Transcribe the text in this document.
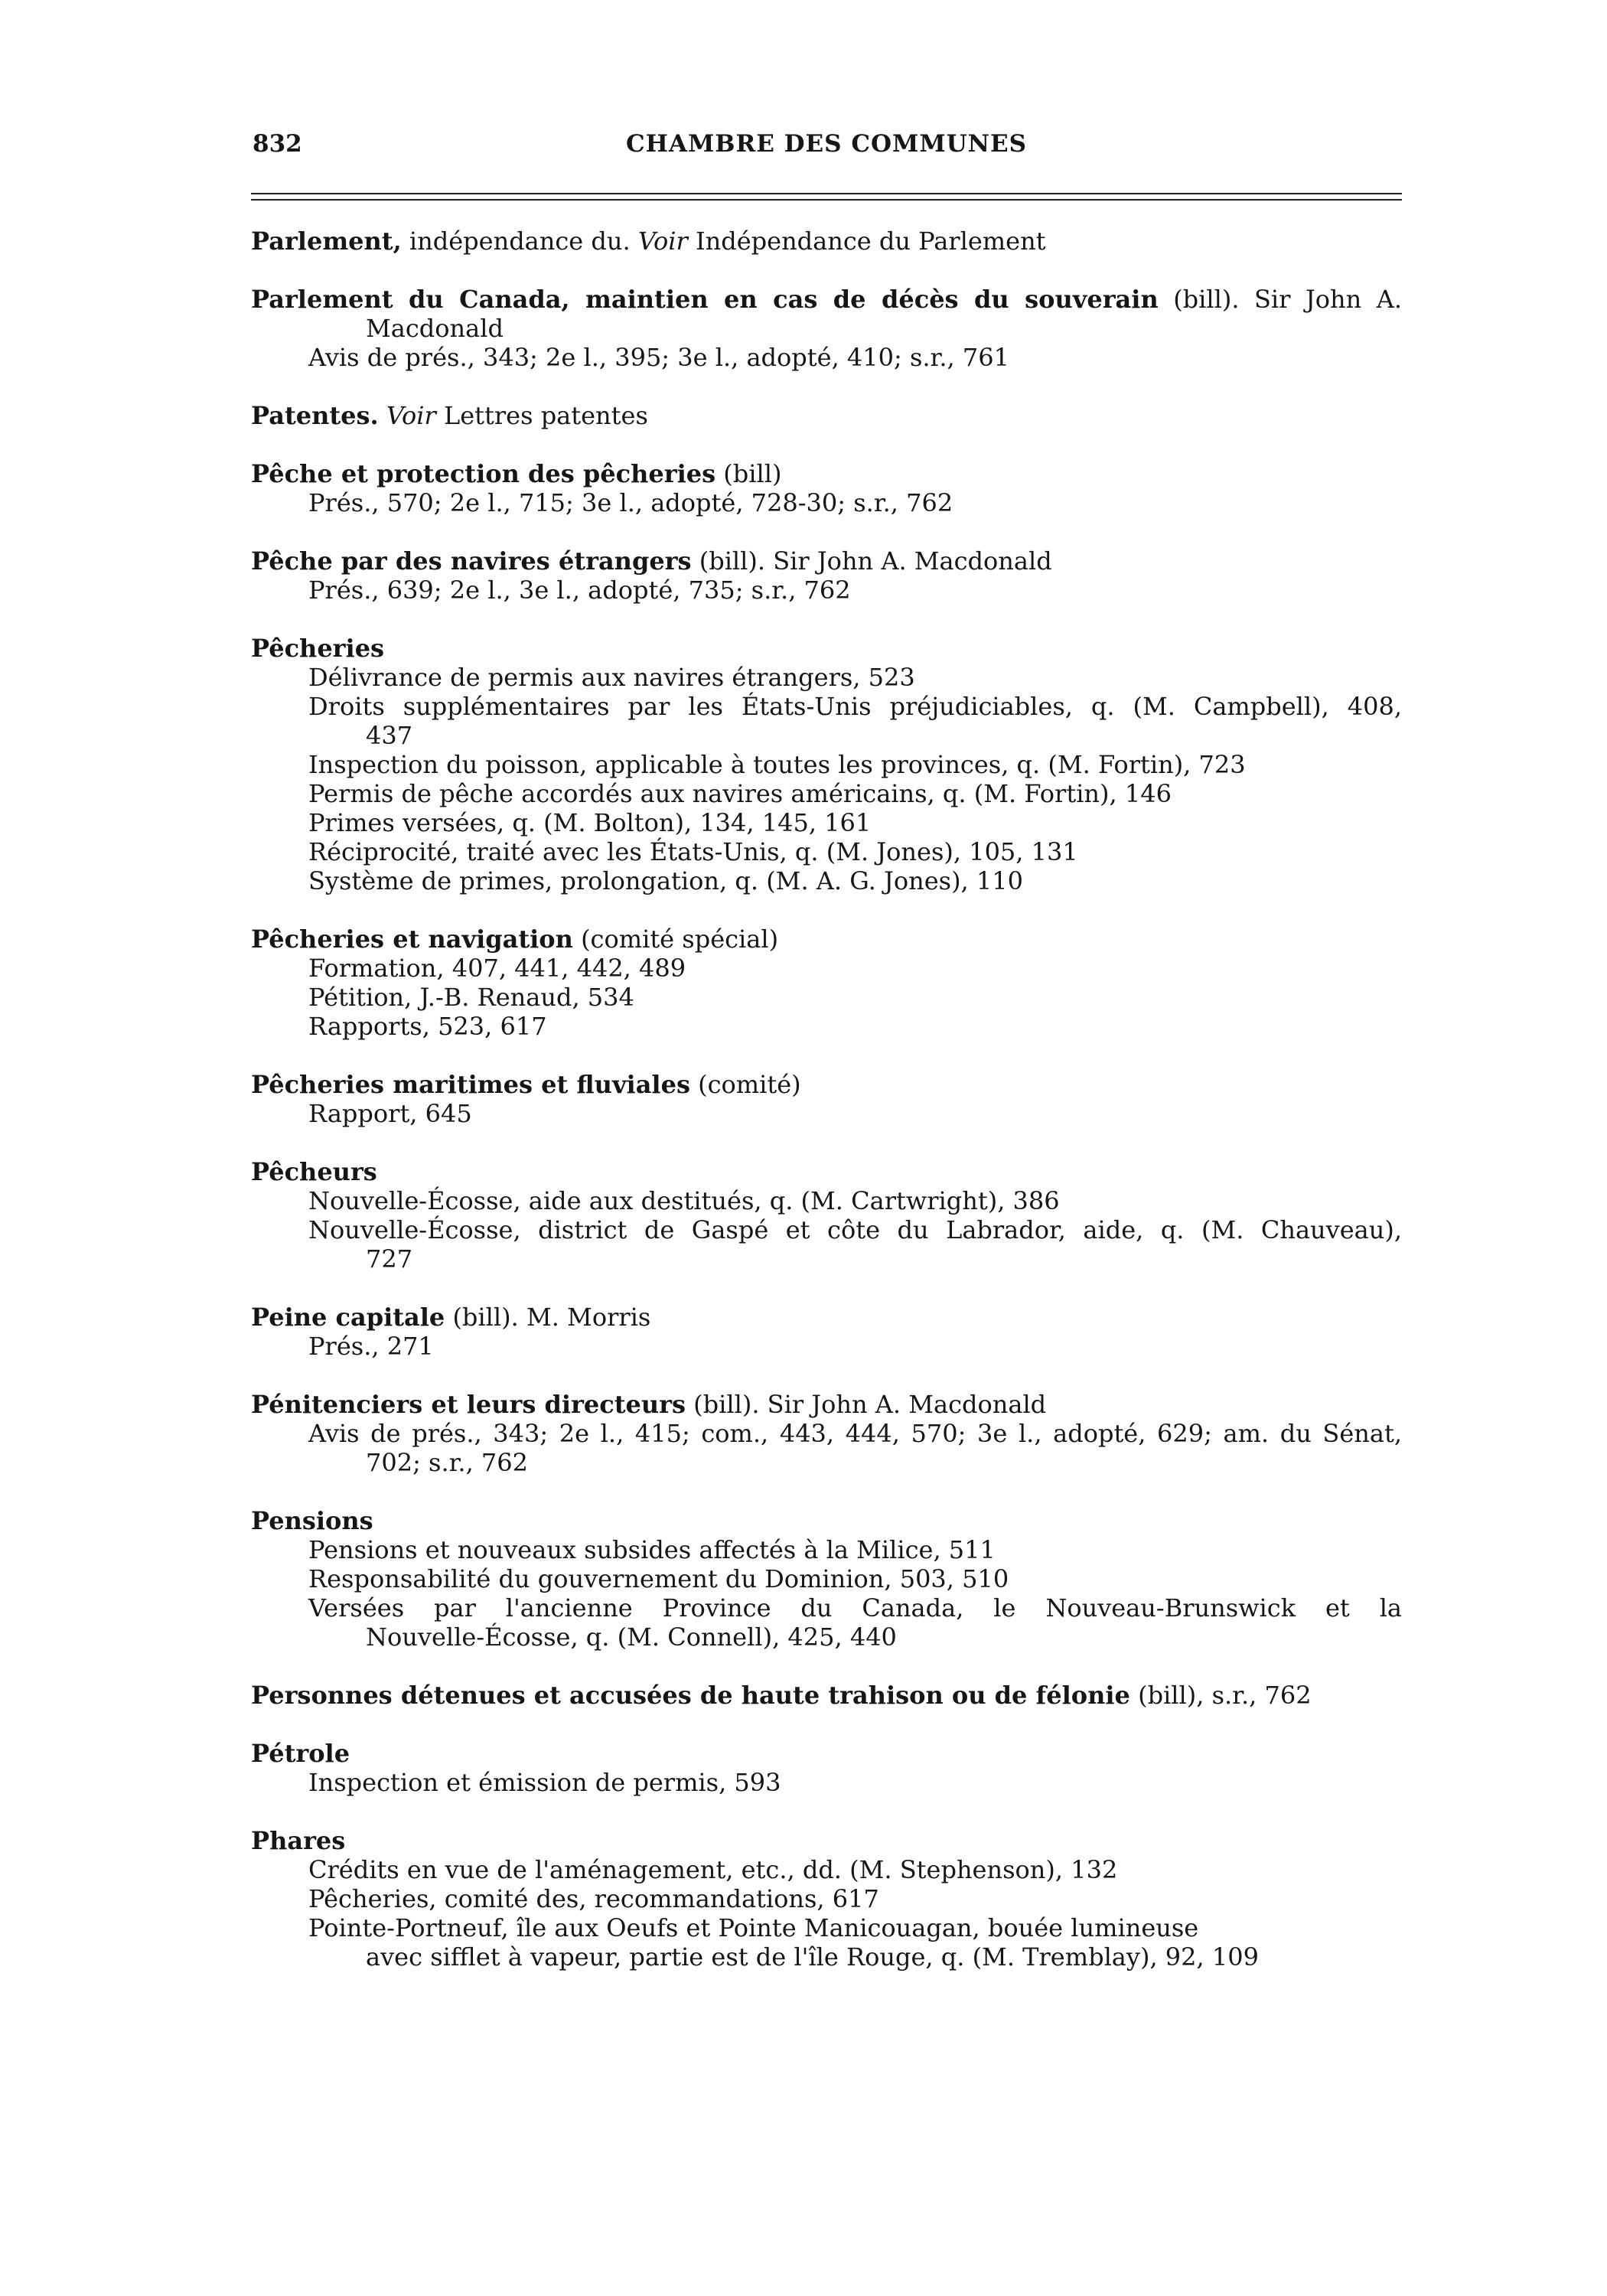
832	CHAMBRE DES COMMUNES
Parlement, indépendance du. Voir Indépendance du Parlement
Parlement du Canada, maintien en cas de décès du souverain (bill). Sir John A.
Macdonald
Avis de prés., 343; 2e l., 395; 3e l., adopté, 410; s.r., 761
Patentes. Voir Lettres patentes
Pêche et protection des pêcheries (bill)
Prés., 570; 2e l., 715; 3e l., adopté, 728-30; s.r., 762
Pêche par des navires étrangers (bill). Sir John A. Macdonald
Prés., 639; 2e l., 3e l., adopté, 735; s.r., 762
Pêcheries
Délivrance de permis aux navires étrangers, 523
Droits supplémentaires par les États-Unis préjudiciables, q. (M. Campbell), 408,
437
Inspection du poisson, applicable à toutes les provinces, q. (M. Fortin), 723
Permis de pêche accordés aux navires américains, q. (M. Fortin), 146
Primes versées, q. (M. Bolton), 134, 145, 161
Réciprocité, traité avec les États-Unis, q. (M. Jones), 105, 131
Système de primes, prolongation, q. (M. A. G. Jones), 110
Pêcheries et navigation (comité spécial)
Formation, 407, 441, 442, 489
Pétition, J.-B. Renaud, 534
Rapports, 523, 617
Pêcheries maritimes et fluviales (comité)
Rapport, 645
Pêcheurs
Nouvelle-Écosse, aide aux destitués, q. (M. Cartwright), 386
Nouvelle-Écosse, district de Gaspé et côte du Labrador, aide, q. (M. Chauveau),
727
Peine capitale (bill). M. Morris
Prés., 271
Pénitenciers et leurs directeurs (bill). Sir John A. Macdonald
Avis de prés., 343; 2e l., 415; com., 443, 444, 570; 3e l., adopté, 629; am. du Sénat,
702; s.r., 762
Pensions
Pensions et nouveaux subsides affectés à la Milice, 511
Responsabilité du gouvernement du Dominion, 503, 510
Versées par l'ancienne Province du Canada, le Nouveau-Brunswick et la
Nouvelle-Écosse, q. (M. Connell), 425, 440
Personnes détenues et accusées de haute trahison ou de félonie (bill), s.r., 762
Pétrole
Inspection et émission de permis, 593
Phares
Crédits en vue de l'aménagement, etc., dd. (M. Stephenson), 132
Pêcheries, comité des, recommandations, 617
Pointe-Portneuf, île aux Oeufs et Pointe Manicouagan, bouée lumineuse
avec sifflet à vapeur, partie est de l'île Rouge, q. (M. Tremblay), 92, 109
